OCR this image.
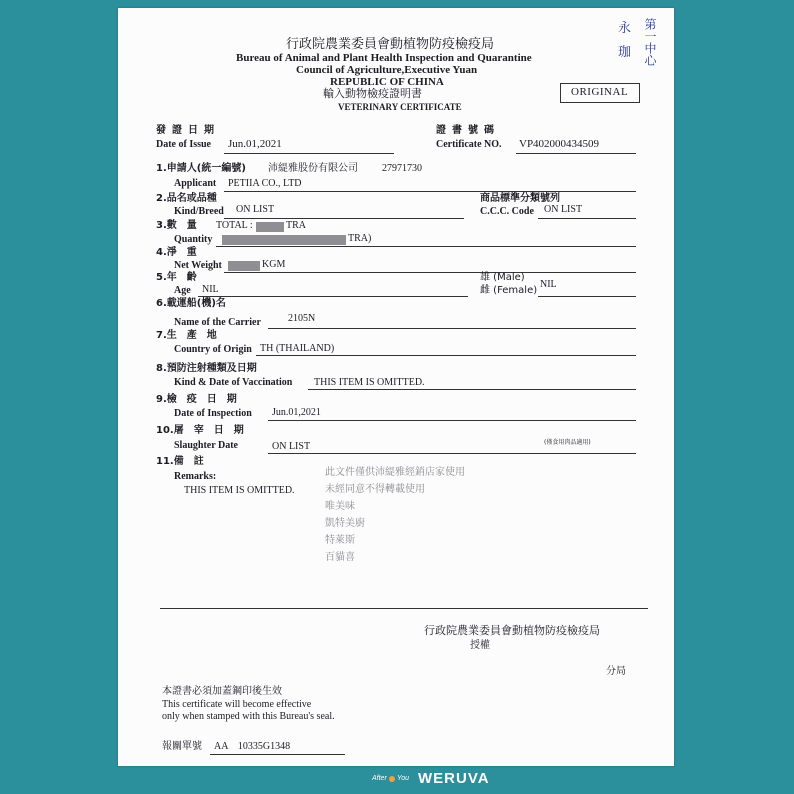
行政院農業委員會動植物防疫檢疫局
Bureau of Animal and Plant Health Inspection and Quarantine
Council of Agriculture,Executive Yuan
REPUBLIC OF CHINA
輸入動物檢疫證明書
VETERINARY CERTIFICATE
ORIGINAL
永
珈 第一中心
發證日期
Date of Issue Jun.01,2021
證書號碼
Certificate NO. VP402000434509
1.申請人(統一編號) 沛緹雅股份有限公司 27971730
Applicant PETIIA CO., LTD
2.品名或品種
Kind/Breed ON LIST
商品標準分類號列
C.C.C. Code ON LIST
3.數　量 TOTAL :	TRA
Quantity	TRA)
4.淨　重
Net Weight	KGM
5.年　齡
Age NIL
雄 (Male)
雌 (Female)
NIL
6.載運船(機)名
Name of the Carrier	2105N
7.生　產　地
Country of Origin TH (THAILAND)
8.預防注射種類及日期
Kind & Date of Vaccination THIS ITEM IS OMITTED.
9.檢　疫　日　期
Date of Inspection Jun.01,2021
10.屠　宰　日　期
Slaughter Date	ON LIST	(僅食用肉品適用)
11.備　註
Remarks:
THIS ITEM IS OMITTED.
此文件僅供沛緹雅經銷店家使用
未經同意不得轉載使用
唯美味
凱特美廚
特萊斯
百貓喜
行政院農業委員會動植物防疫檢疫局
授權
分局
本證書必須加蓋鋼印後生效
This certificate will become effective
only when stamped with this Bureau's seal.
報關單號 AA　10335G1348
After You WERUVA
